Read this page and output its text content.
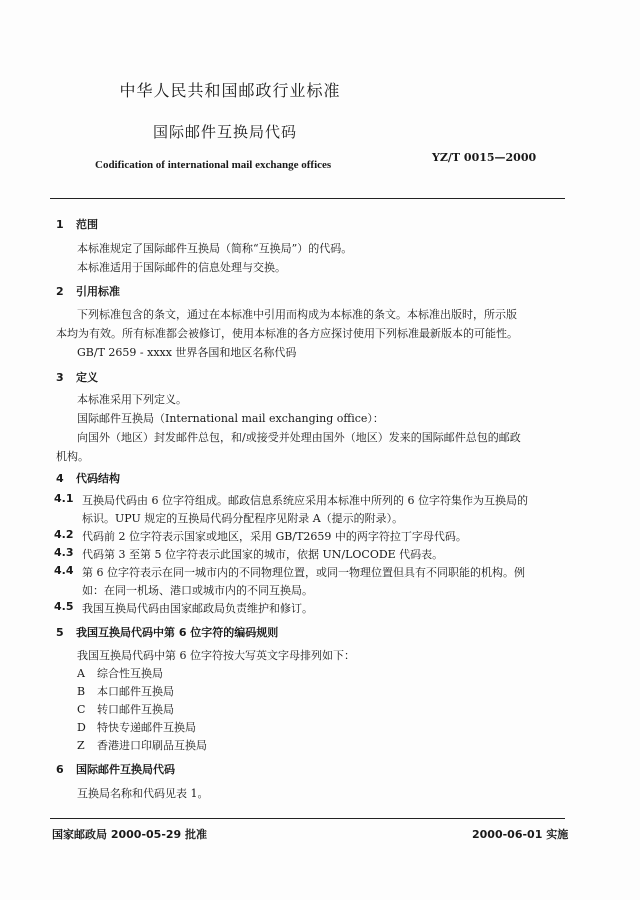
中华人民共和国邮政行业标准
国际邮件互换局代码
YZ/T 0015—2000
Codification of international mail exchange offices
1 范围
本标准规定了国际邮件互换局（简称“互换局”）的代码。
本标准适用于国际邮件的信息处理与交换。
2 引用标准
下列标准包含的条文，通过在本标准中引用而构成为本标准的条文。本标准出版时，所示版
本均为有效。所有标准都会被修订，使用本标准的各方应探讨使用下列标准最新版本的可能性。
GB/T 2659 - xxxx 世界各国和地区名称代码
3 定义
本标准采用下列定义。
国际邮件互换局（International mail exchanging office）：
向国外（地区）封发邮件总包，和/或接受并处理由国外（地区）发来的国际邮件总包的邮政
机构。
4 代码结构
4.1 互换局代码由 6 位字符组成。邮政信息系统应采用本标准中所列的 6 位字符集作为互换局的
标识。UPU 规定的互换局代码分配程序见附录 A（提示的附录）。
4.2 代码前 2 位字符表示国家或地区，采用 GB/T2659 中的两字符拉丁字母代码。
4.3 代码第 3 至第 5 位字符表示此国家的城市，依据 UN/LOCODE 代码表。
4.4 第 6 位字符表示在同一城市内的不同物理位置，或同一物理位置但具有不同职能的机构。例
如：在同一机场、港口或城市内的不同互换局。
4.5 我国互换局代码由国家邮政局负责维护和修订。
5 我国互换局代码中第 6 位字符的编码规则
我国互换局代码中第 6 位字符按大写英文字母排列如下：
A 综合性互换局
B 本口邮件互换局
C 转口邮件互换局
D 特快专递邮件互换局
Z 香港进口印刷品互换局
6 国际邮件互换局代码
互换局名称和代码见表 1。
国家邮政局 2000-05-29 批准	2000-06-01 实施
